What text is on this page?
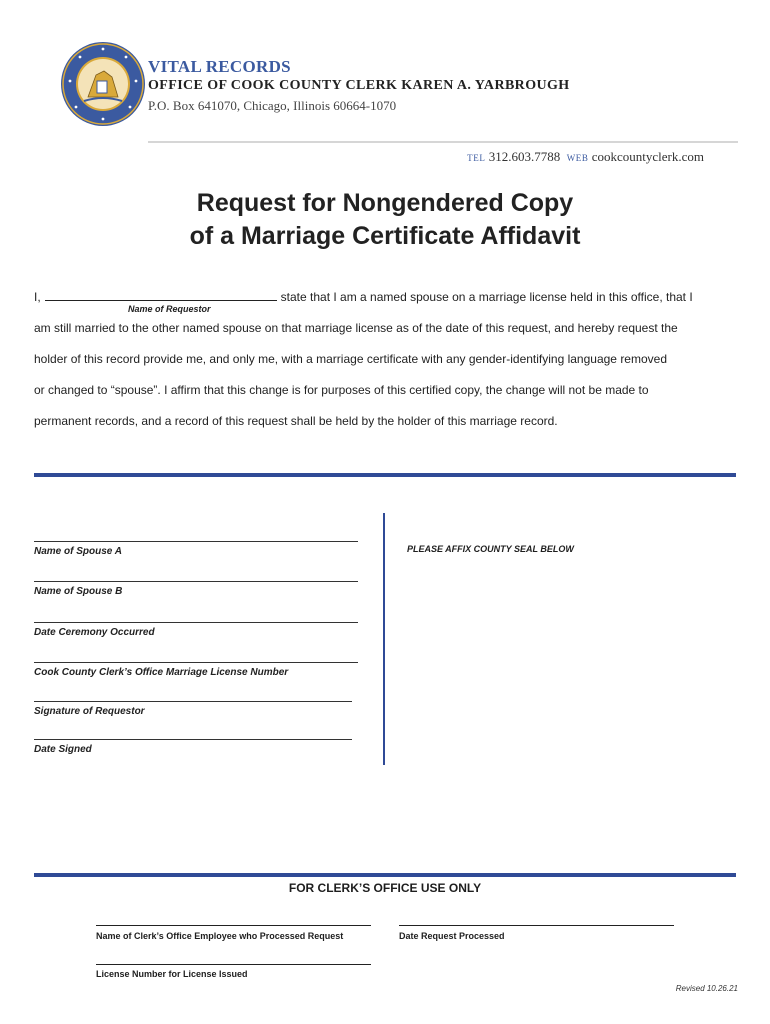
VITAL RECORDS
OFFICE OF COOK COUNTY CLERK KAREN A. YARBROUGH
P.O. Box 641070, Chicago, Illinois 60664-1070
TEL 312.603.7788 WEB cookcountyclerk.com
Request for Nongendered Copy
of a Marriage Certificate Affidavit
I,	state that I am a named spouse on a marriage license held in this office, that I
Name of Requestor
am still married to the other named spouse on that marriage license as of the date of this request, and hereby request the
holder of this record provide me, and only me, with a marriage certificate with any gender-identifying language removed
or changed to “spouse”. I affirm that this change is for purposes of this certified copy, the change will not be made to
permanent records, and a record of this request shall be held by the holder of this marriage record.
Name of Spouse A
Name of Spouse B
Date Ceremony Occurred
Cook County Clerk’s Office Marriage License Number
Signature of Requestor
Date Signed
PLEASE AFFIX COUNTY SEAL BELOW
FOR CLERK’S OFFICE USE ONLY
Name of Clerk’s Office Employee who Processed Request	Date Request Processed
License Number for License Issued
Revised 10.26.21
